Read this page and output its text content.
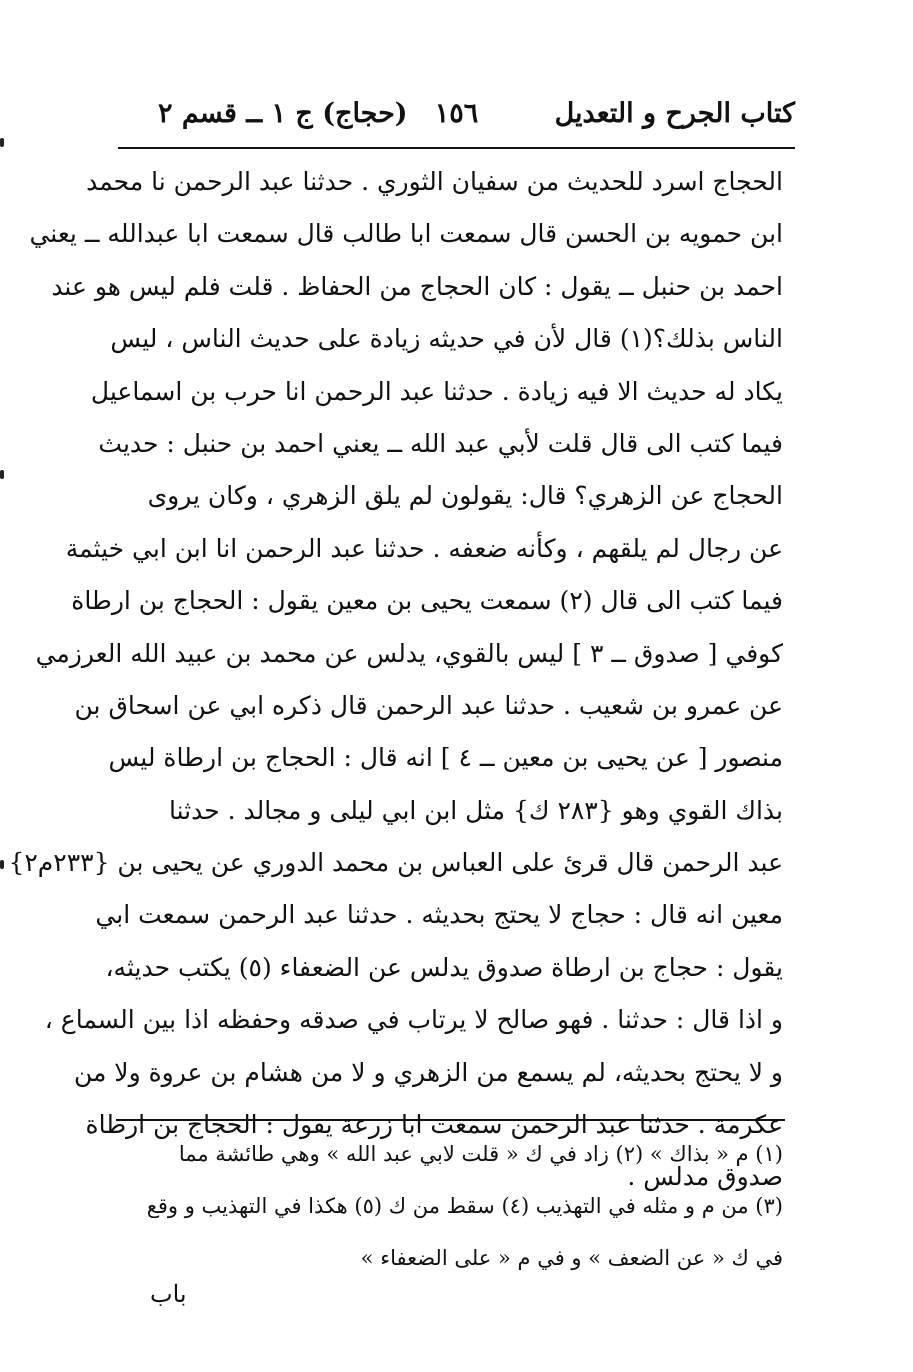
كتاب الجرح و التعديل
١٥٦
(حجاج) ج ١ ــ قسم ٢
الحجاج اسرد للحديث من سفيان الثوري . حدثنا عبد الرحمن نا محمد
ابن حمويه بن الحسن قال سمعت ابا طالب قال سمعت ابا عبدالله ــ يعني
احمد بن حنبل ــ يقول : كان الحجاج من الحفاظ . قلت فلم ليس هو عند
الناس بذلك؟(١) قال لأن في حديثه زيادة على حديث الناس ، ليس
يكاد له حديث الا فيه زيادة . حدثنا عبد الرحمن انا حرب بن اسماعيل
فيما كتب الى قال قلت لأبي عبد الله ــ يعني احمد بن حنبل : حديث
الحجاج عن الزهري؟ قال: يقولون لم يلق الزهري ، وكان يروى
عن رجال لم يلقهم ، وكأنه ضعفه . حدثنا عبد الرحمن انا ابن ابي خيثمة
فيما كتب الى قال (٢) سمعت يحيى بن معين يقول : الحجاج بن ارطاة
كوفي [ صدوق ــ ٣ ] ليس بالقوي، يدلس عن محمد بن عبيد الله العرزمي
عن عمرو بن شعيب . حدثنا عبد الرحمن قال ذكره ابي عن اسحاق بن
منصور [ عن يحيى بن معين ــ ٤ ] انه قال : الحجاج بن ارطاة ليس
بذاك القوي وهو {٢٨٣ ك} مثل ابن ابي ليلى و مجالد . حدثنا
عبد الرحمن قال قرئ على العباس بن محمد الدوري عن يحيى بن {٢٣٣م٢}
معين انه قال : حجاج لا يحتج بحديثه . حدثنا عبد الرحمن سمعت ابي
يقول : حجاج بن ارطاة صدوق يدلس عن الضعفاء (٥) يكتب حديثه،
و اذا قال : حدثنا . فهو صالح لا يرتاب في صدقه وحفظه اذا بين السماع ،
و لا يحتج بحديثه، لم يسمع من الزهري و لا من هشام بن عروة ولا من
عكرمة . حدثنا عبد الرحمن سمعت ابا زرعة يقول : الحجاج بن ارطاة
صدوق مدلس .
(١) م « بذاك » (٢) زاد في ك « قلت لابي عبد الله » وهي طائشة مما
(٣) من م و مثله في التهذيب (٤) سقط من ك (٥) هكذا في التهذيب و وقع
في ك « عن الضعف » و في م « على الضعفاء »
باب
